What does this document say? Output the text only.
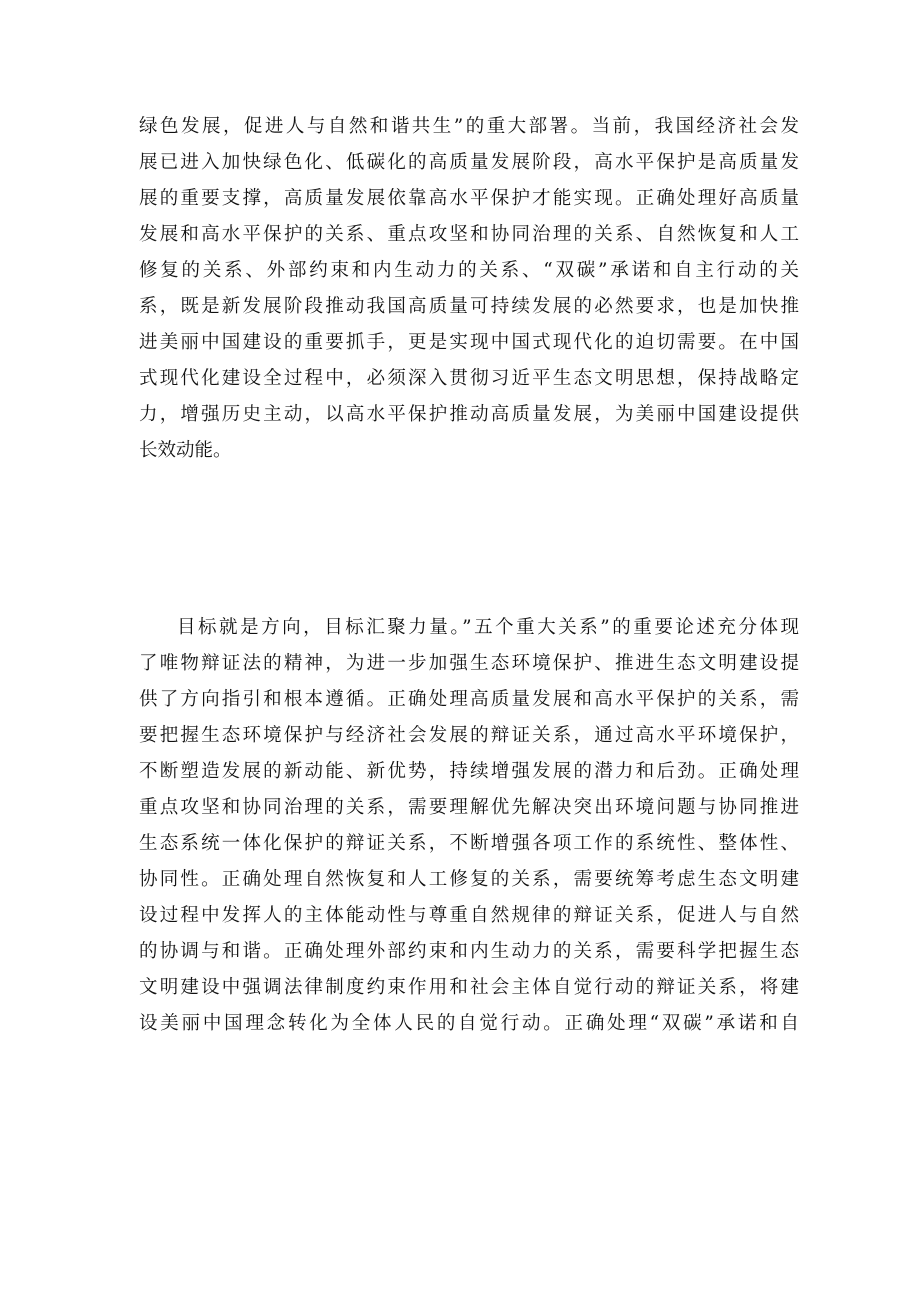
绿色发展，促进人与自然和谐共生”的重大部署。当前，我国经济社会发
展已进入加快绿色化、低碳化的高质量发展阶段，高水平保护是高质量发
展的重要支撑，高质量发展依靠高水平保护才能实现。正确处理好高质量
发展和高水平保护的关系、重点攻坚和协同治理的关系、自然恢复和人工
修复的关系、外部约束和内生动力的关系、“双碳”承诺和自主行动的关
系，既是新发展阶段推动我国高质量可持续发展的必然要求，也是加快推
进美丽中国建设的重要抓手，更是实现中国式现代化的迫切需要。在中国
式现代化建设全过程中，必须深入贯彻习近平生态文明思想，保持战略定
力，增强历史主动，以高水平保护推动高质量发展，为美丽中国建设提供
长效动能。
目标就是方向，目标汇聚力量。”五个重大关系”的重要论述充分体现
了唯物辩证法的精神，为进一步加强生态环境保护、推进生态文明建设提
供了方向指引和根本遵循。正确处理高质量发展和高水平保护的关系，需
要把握生态环境保护与经济社会发展的辩证关系，通过高水平环境保护，
不断塑造发展的新动能、新优势，持续增强发展的潜力和后劲。正确处理
重点攻坚和协同治理的关系，需要理解优先解决突出环境问题与协同推进
生态系统一体化保护的辩证关系，不断增强各项工作的系统性、整体性、
协同性。正确处理自然恢复和人工修复的关系，需要统筹考虑生态文明建
设过程中发挥人的主体能动性与尊重自然规律的辩证关系，促进人与自然
的协调与和谐。正确处理外部约束和内生动力的关系，需要科学把握生态
文明建设中强调法律制度约束作用和社会主体自觉行动的辩证关系，将建
设美丽中国理念转化为全体人民的自觉行动。正确处理“双碳”承诺和自
